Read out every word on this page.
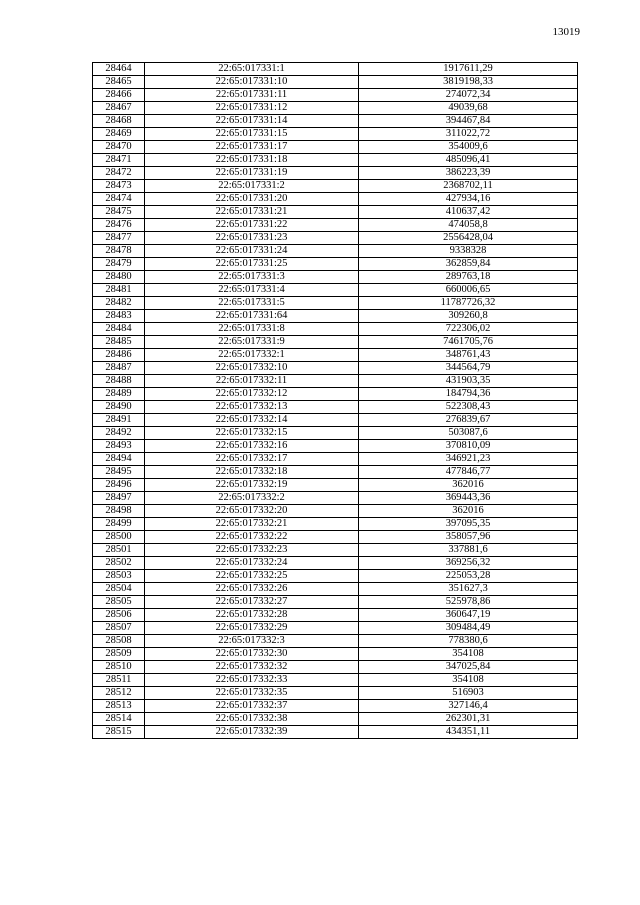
13019
28464	22:65:017331:1	1917611,29
28465	22:65:017331:10	3819198,33
28466	22:65:017331:11	274072,34
28467	22:65:017331:12	49039,68
28468	22:65:017331:14	394467,84
28469	22:65:017331:15	311022,72
28470	22:65:017331:17	354009,6
28471	22:65:017331:18	485096,41
28472	22:65:017331:19	386223,39
28473	22:65:017331:2	2368702,11
28474	22:65:017331:20	427934,16
28475	22:65:017331:21	410637,42
28476	22:65:017331:22	474058,8
28477	22:65:017331:23	2556428,04
28478	22:65:017331:24	9338328
28479	22:65:017331:25	362859,84
28480	22:65:017331:3	289763,18
28481	22:65:017331:4	660006,65
28482	22:65:017331:5	11787726,32
28483	22:65:017331:64	309260,8
28484	22:65:017331:8	722306,02
28485	22:65:017331:9	7461705,76
28486	22:65:017332:1	348761,43
28487	22:65:017332:10	344564,79
28488	22:65:017332:11	431903,35
28489	22:65:017332:12	184794,36
28490	22:65:017332:13	522308,43
28491	22:65:017332:14	276839,67
28492	22:65:017332:15	503087,6
28493	22:65:017332:16	370810,09
28494	22:65:017332:17	346921,23
28495	22:65:017332:18	477846,77
28496	22:65:017332:19	362016
28497	22:65:017332:2	369443,36
28498	22:65:017332:20	362016
28499	22:65:017332:21	397095,35
28500	22:65:017332:22	358057,96
28501	22:65:017332:23	337881,6
28502	22:65:017332:24	369256,32
28503	22:65:017332:25	225053,28
28504	22:65:017332:26	351627,3
28505	22:65:017332:27	525978,86
28506	22:65:017332:28	360647,19
28507	22:65:017332:29	309484,49
28508	22:65:017332:3	778380,6
28509	22:65:017332:30	354108
28510	22:65:017332:32	347025,84
28511	22:65:017332:33	354108
28512	22:65:017332:35	516903
28513	22:65:017332:37	327146,4
28514	22:65:017332:38	262301,31
28515	22:65:017332:39	434351,11
